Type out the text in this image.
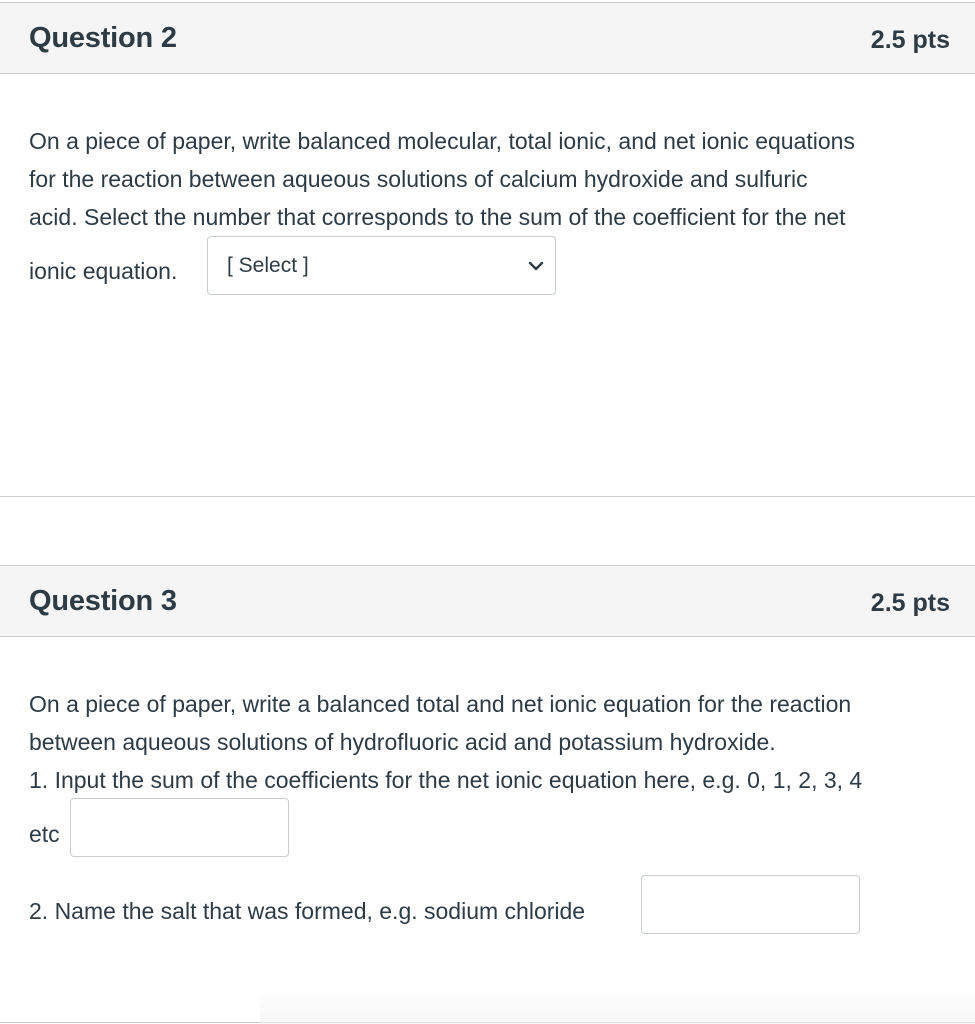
Question 2	2.5 pts
On a piece of paper, write balanced molecular, total ionic, and net ionic equations
for the reaction between aqueous solutions of calcium hydroxide and sulfuric
acid. Select the number that corresponds to the sum of the coefficient for the net
ionic equation. [ Select ]
Question 3	2.5 pts
On a piece of paper, write a balanced total and net ionic equation for the reaction
between aqueous solutions of hydrofluoric acid and potassium hydroxide.
1. Input the sum of the coefficients for the net ionic equation here, e.g. 0, 1, 2, 3, 4
etc
2. Name the salt that was formed, e.g. sodium chloride
